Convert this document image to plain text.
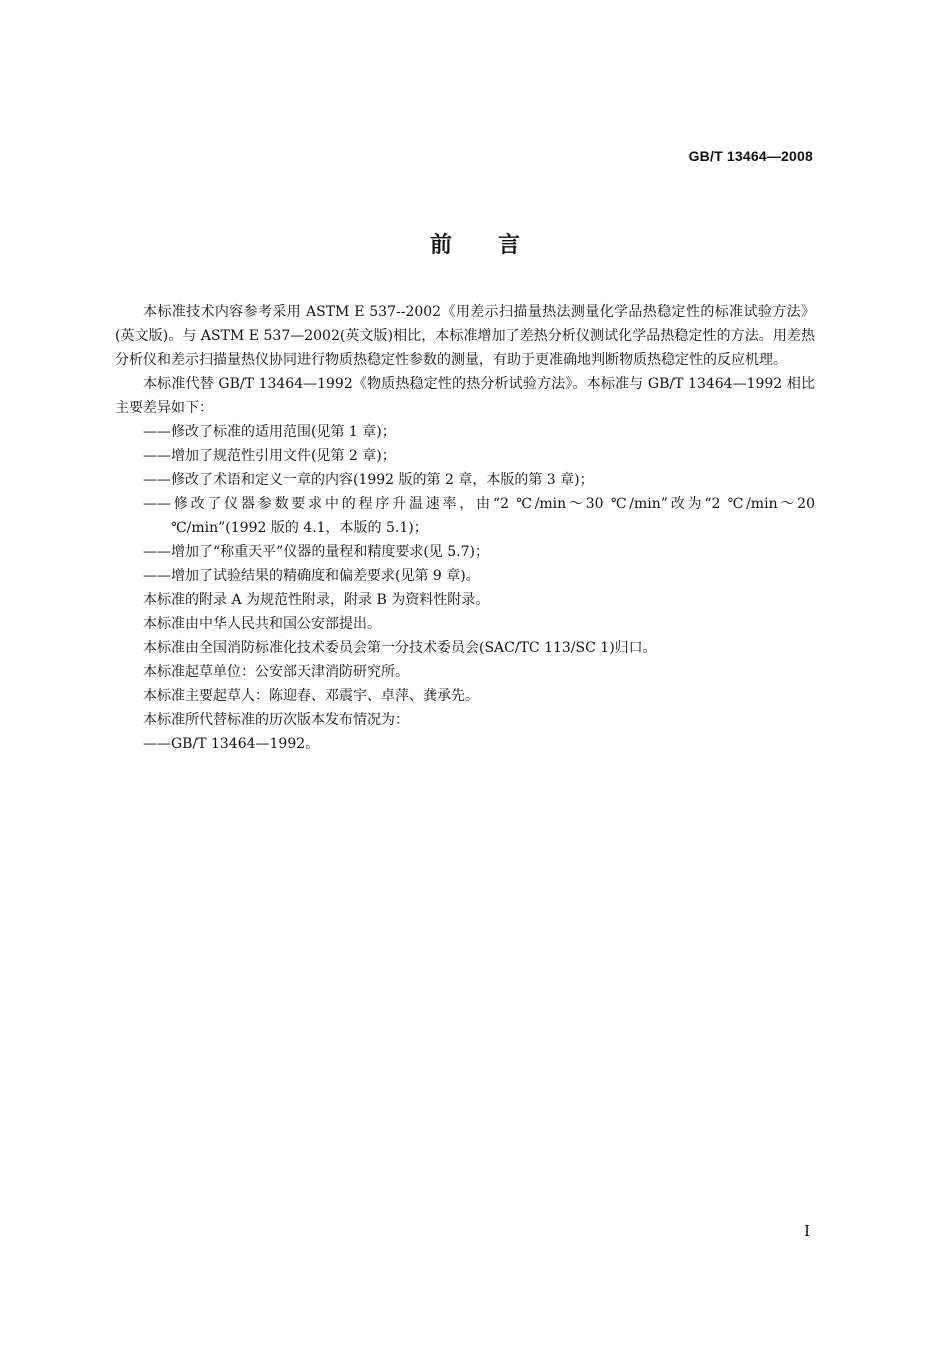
GB/T 13464—2008
前言

本标准技术内容参考采用 ASTM E 537--2002《用差示扫描量热法测量化学品热稳定性的标准试验方法》(英文版)。与 ASTM E 537—2002(英文版)相比，本标准增加了差热分析仪测试化学品热稳定性的方法。用差热分析仪和差示扫描量热仪协同进行物质热稳定性参数的测量，有助于更准确地判断物质热稳定性的反应机理。

本标准代替 GB/T 13464—1992《物质热稳定性的热分析试验方法》。本标准与 GB/T 13464—1992 相比主要差异如下：

——修改了标准的适用范围(见第 1 章)；
——增加了规范性引用文件(见第 2 章)；
——修改了术语和定义一章的内容(1992 版的第 2 章，本版的第 3 章)；
——修改了仪器参数要求中的程序升温速率，由“2 ℃/min～30 ℃/min”改为“2 ℃/min～20 ℃/min”(1992 版的 4.1，本版的 5.1)；
——增加了“称重天平”仪器的量程和精度要求(见 5.7)；
——增加了试验结果的精确度和偏差要求(见第 9 章)。

本标准的附录 A 为规范性附录，附录 B 为资料性附录。

本标准由中华人民共和国公安部提出。

本标准由全国消防标准化技术委员会第一分技术委员会(SAC/TC 113/SC 1)归口。

本标准起草单位：公安部天津消防研究所。

本标准主要起草人：陈迎春、邓震宇、卓萍、龚承先。

本标准所代替标准的历次版本发布情况为：

——GB/T 13464—1992。
I
